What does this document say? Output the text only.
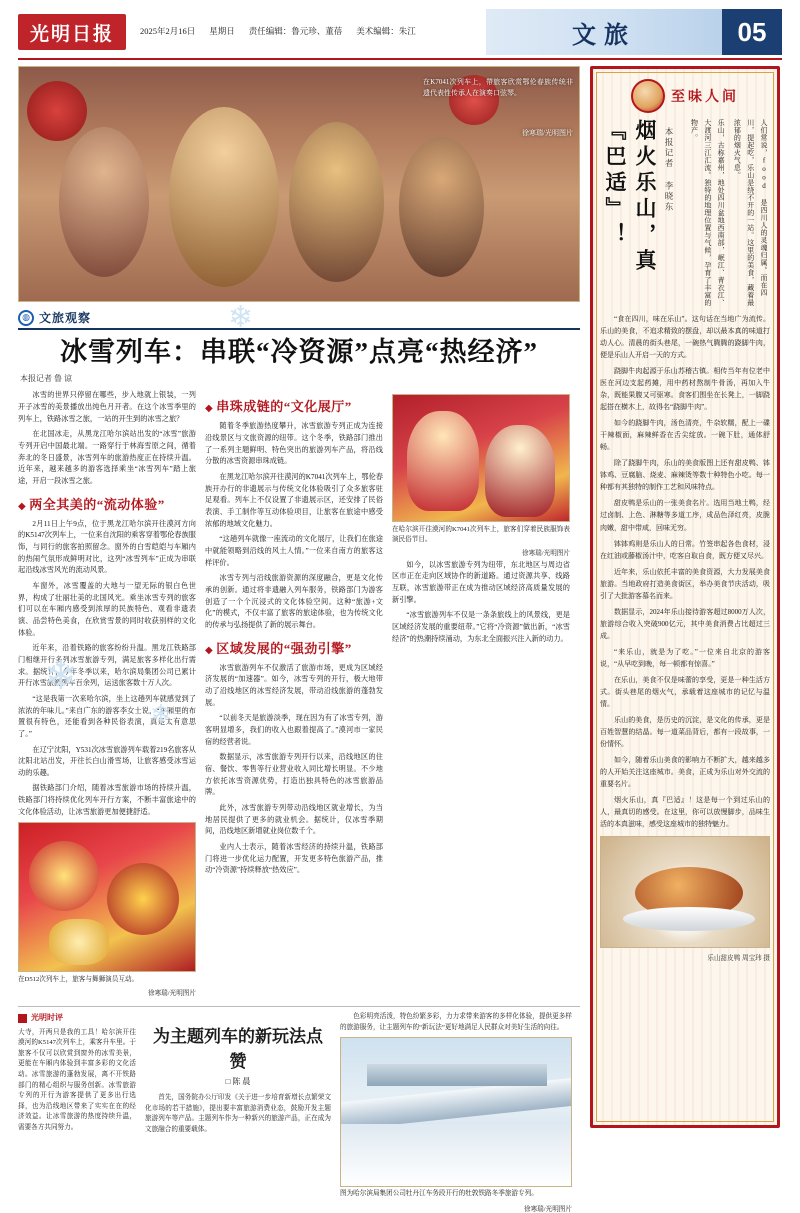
光明日报	2025年2月16日 星期日 责任编辑：鲁元珍、董蓓 美术编辑：朱江	文旅	05
在K7041次列车上，帶旅客欣赏鄂伦春族传统非遗代表性传承人在演奏口弦琴。
徐寒瑞/光明图片
◍ 文旅观察
冰雪列车：串联“冷资源”点亮“热经济”
本报记者 鲁 谅

冰雪的世界只停留在哪些，步入地就上银装，一列开子冰雪的美景播放出纯色月开者。在这个冰雪季里的列车上，铁路冰雪之旅，一站的开生到的冰雪之旅？

在北国冰走，从黑龙江哈尔滨站出发的“冰雪”旅游专列开启中国最北端。一路穿行于林海雪原之间，循着奔北的冬日盛景，冰雪列车的旅游热度正在持续升温。近年来，越来越多的游客选择乘坐“冰雪列车”踏上旅途，开启一段冰雪之旅。

◆ 两全其美的“流动体验”

2月11日上午9点，位于黑龙江哈尔滨开往漠河方向的K5147次列车上，一位来自沈阳的乘客穿着鄂伦春族服饰，与同行的旅客拍照留念。窗外的白雪皑皑与车厢内的热闹气氛形成鲜明对比，这列“冰雪列车”正成为串联起沿线冰雪风光的流动风景。

车窗外，冰雪覆盖的大地与一望无际的银白色世界，构成了壮丽壮美的北国风光。乘坐冰雪专列的旅客们可以在车厢内感受到浓厚的民族特色、观看非遗表演、品尝特色美食，在欣赏雪景的同时收获别样的文化体验。

近年来，沿着铁路的旅客纷纷升温。黑龙江铁路部门相继开行多列冰雪旅游专列，满足旅客多样化出行需求。据统计，今年冬季以来，哈尔滨局集团公司已累计开行冰雪旅游列车百余列，运送旅客数十万人次。

“这是我第一次来哈尔滨，坐上这趟列车就感觉到了浓浓的年味儿。”来自广东的游客李女士说，“车厢里的布置很有特色，还能看到各种民俗表演，真是太有意思了。”

在辽宁沈阳，Y531次冰雪旅游列车载着219名旅客从沈阳北站出发，开往长白山滑雪场，让旅客感受冰雪运动的乐趣。

据铁路部门介绍，随着冰雪旅游市场的持续升温，铁路部门将持续优化列车开行方案，不断丰富旅途中的文化体验活动，让冰雪旅游更加便捷舒适。

在D512次列车上，旅客与舞狮演员互动。
徐寒瑞/光明图片
◆ 串珠成链的“文化展厅”

随着冬季旅游热度攀升，冰雪旅游专列正成为连接沿线景区与文旅资源的纽带。这个冬季，铁路部门推出了一系列主题鲜明、特色突出的旅游列车产品，将沿线分散的冰雪资源串珠成链。

在黑龙江哈尔滨开往漠河的K7041次列车上，鄂伦春族开办行的非遗展示与传统文化体验吸引了众多旅客驻足观看。列车上不仅设置了非遗展示区，还安排了民俗表演、手工制作等互动体验项目，让旅客在旅途中感受浓郁的地域文化魅力。

“这趟列车就像一座流动的文化展厅，让我们在旅途中就能领略到沿线的风土人情。”一位来自南方的旅客这样评价。

冰雪专列与沿线旅游资源的深度融合，更是文化传承的创新。通过将非遗融入列车服务，铁路部门为游客创造了一个个沉浸式的文化体验空间。这种“旅游+文化”的模式，不仅丰富了旅客的旅途体验，也为传统文化的传承与弘扬提供了新的展示舞台。

◆ 区域发展的“强劲引擎”

冰雪旅游列车不仅激活了旅游市场，更成为区域经济发展的“加速器”。如今，冰雪专列的开行，极大地带动了沿线地区的冰雪经济发展，带动沿线旅游的蓬勃发展。

“以前冬天是旅游淡季，现在因为有了冰雪专列，游客明显增多，我们的收入也跟着提高了。”漠河市一家民宿的经营者说。

数据显示，冰雪旅游专列开行以来，沿线地区的住宿、餐饮、零售等行业营业收入同比增长明显。不少地方依托冰雪资源优势，打造出独具特色的冰雪旅游品牌。

此外，冰雪旅游专列带动沿线地区就业增长，为当地居民提供了更多的就业机会。据统计，仅冰雪季期间，沿线地区新增就业岗位数千个。

业内人士表示，随着冰雪经济的持续升温，铁路部门将进一步优化运力配置，开发更多特色旅游产品，推动“冷资源”持续释放“热效应”。

在哈尔滨开往漠河的K7041次列车上，旅客们穿着民族服饰表演民俗节目。
徐寒瑞/光明图片

如今，以冰雪旅游专列为纽带，东北地区与周边省区市正在走向区域协作的新道路。通过资源共享、线路互联，冰雪旅游带正在成为推动区域经济高质量发展的新引擎。

“冰雪旅游列车不仅是一条条旅线上的风景线，更是区域经济发展的重要纽带。”它将“冷资源”做出新，“冰雪经济”的热潮持续涌动，为东北全面振兴注入新的动力。

光明时评
大寺，开两只是我的工具！哈尔滨开往漠河的K5147次列车上，乘客升车里。于旅客不仅可以欣赏到窗外的冰雪美景，更能在车厢内体验到丰富多彩的文化活动。冰雪旅游的蓬勃发展，离不开铁路部门的精心组织与服务创新。冰雪旅游专列的开行为游客提供了更多出行选择，也为沿线地区带来了实实在在的经济效益。让冰雪旅游的热度持续升温，需要各方共同努力。
为主题列车的新玩法点赞
□ 陈 晨
首先，国务院办公厅印发《关于进一步培育新增长点繁荣文化市场的若干措施》，提出要丰富旅游消费业态，鼓励开发主题旅游列车等产品。主题列车作为一种新兴的旅游产品，正在成为文旅融合的重要载体。
色彩明亮活泼，特色纷繁多彩，力力求带来游客的多样化体验，提供更多样的旅游服务，让主题列车的“新玩法”更好地满足人民群众对美好生活的向往。
图为哈尔滨局集团公司牡丹江车务段开行的牡敦铁路冬季旅游专列。
徐寒瑞/光明图片
至味人间
人们常说，food 是四川人的灵魂归属。而在四川，提起吃，乐山是绕不开的一站。这里的美食，藏着最浓郁的烟火气息。
乐山，古称嘉州，地处四川盆地西南部，岷江、青衣江、大渡河三江汇流。独特的地理位置与气候，孕育了丰富的物产。
本报记者 李晓东
烟火乐山，真『巴适』！

“食在四川，味在乐山”。这句话在当地广为流传。乐山的美食，不追求精致的摆盘，却以最本真的味道打动人心。清晨的街头巷尾，一碗热气腾腾的跷脚牛肉，便是乐山人开启一天的方式。

跷脚牛肉起源于乐山苏稽古镇。相传当年有位老中医在河边支起药摊，用中药材熬制牛骨汤，再加入牛杂，既能果腹又可驱寒。食客们围坐在长凳上，一脚跷起搭在横木上，故得名“跷脚牛肉”。

如今的跷脚牛肉，汤色清亮，牛杂软糯，配上一碟干辣椒面，麻辣鲜香在舌尖绽放。一碗下肚，通体舒畅。

除了跷脚牛肉，乐山的美食版图上还有甜皮鸭、钵钵鸡、豆腐脑、烧麦、麻辣烫等数十种特色小吃。每一种都有其独特的制作工艺和风味特点。

甜皮鸭是乐山的一张美食名片。选用当地土鸭，经过卤制、上色、淋糖等多道工序，成品色泽红亮，皮脆肉嫩，甜中带咸，回味无穷。

钵钵鸡则是乐山人的日常。竹签串起各色食材，浸在红油或藤椒汤汁中，吃客自取自食，既方便又尽兴。

近年来，乐山依托丰富的美食资源，大力发展美食旅游。当地政府打造美食街区，举办美食节庆活动，吸引了大批游客慕名而来。

数据显示，2024年乐山接待游客超过8000万人次，旅游综合收入突破900亿元，其中美食消费占比超过三成。

“来乐山，就是为了吃。”一位来自北京的游客说，“从早吃到晚，每一顿都有惊喜。”

在乐山，美食不仅是味蕾的享受，更是一种生活方式。街头巷尾的烟火气，承载着这座城市的记忆与温情。

乐山的美食，是历史的沉淀，是文化的传承，更是百姓智慧的结晶。每一道菜品背后，都有一段故事，一份情怀。

如今，随着乐山美食的影响力不断扩大，越来越多的人开始关注这座城市。美食，正成为乐山对外交流的重要名片。

烟火乐山，真『巴适』！这是每一个到过乐山的人，最真切的感受。在这里，你可以放慢脚步，品味生活的本真滋味，感受这座城市的独特魅力。

乐山甜皮鸭 周宝玮 摄
❄
❄
❄
